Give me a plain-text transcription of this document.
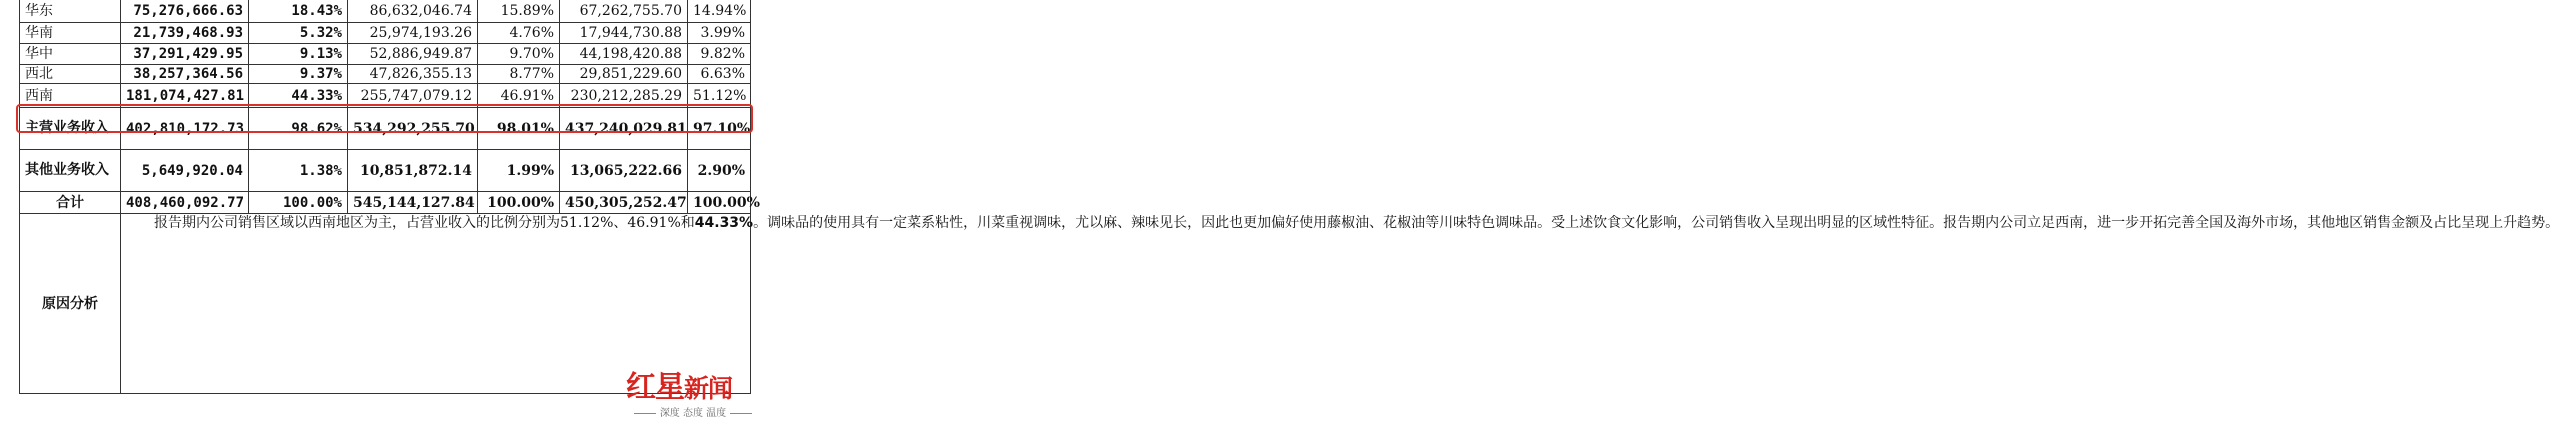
华东	75,276,666.63	18.43%	86,632,046.74	15.89%	67,262,755.70	14.94%
华南	21,739,468.93	5.32%	25,974,193.26	4.76%	17,944,730.88	3.99%
华中	37,291,429.95	9.13%	52,886,949.87	9.70%	44,198,420.88	9.82%
西北	38,257,364.56	9.37%	47,826,355.13	8.77%	29,851,229.60	6.63%
西南	181,074,427.81	44.33%	255,747,079.12	46.91%	230,212,285.29	51.12%
主营业务收入	402,810,172.73	98.62%	534,292,255.70	98.01%	437,240,029.81	97.10%
其他业务收入	5,649,920.04	1.38%	10,851,872.14	1.99%	13,065,222.66	2.90%
合计	408,460,092.77	100.00%	545,144,127.84	100.00%	450,305,252.47	100.00%
原因分析	报告期内公司销售区域以西南地区为主，占营业收入的比例分别为51.12%、46.91%和44.33%。调味品的使用具有一定菜系粘性，川菜重视调味，尤以麻、辣味见长，因此也更加偏好使用藤椒油、花椒油等川味特色调味品。受上述饮食文化影响，公司销售收入呈现出明显的区域性特征。报告期内公司立足西南，进一步开拓完善全国及海外市场，其他地区销售金额及占比呈现上升趋势。					
红星新闻
深度 态度 温度
